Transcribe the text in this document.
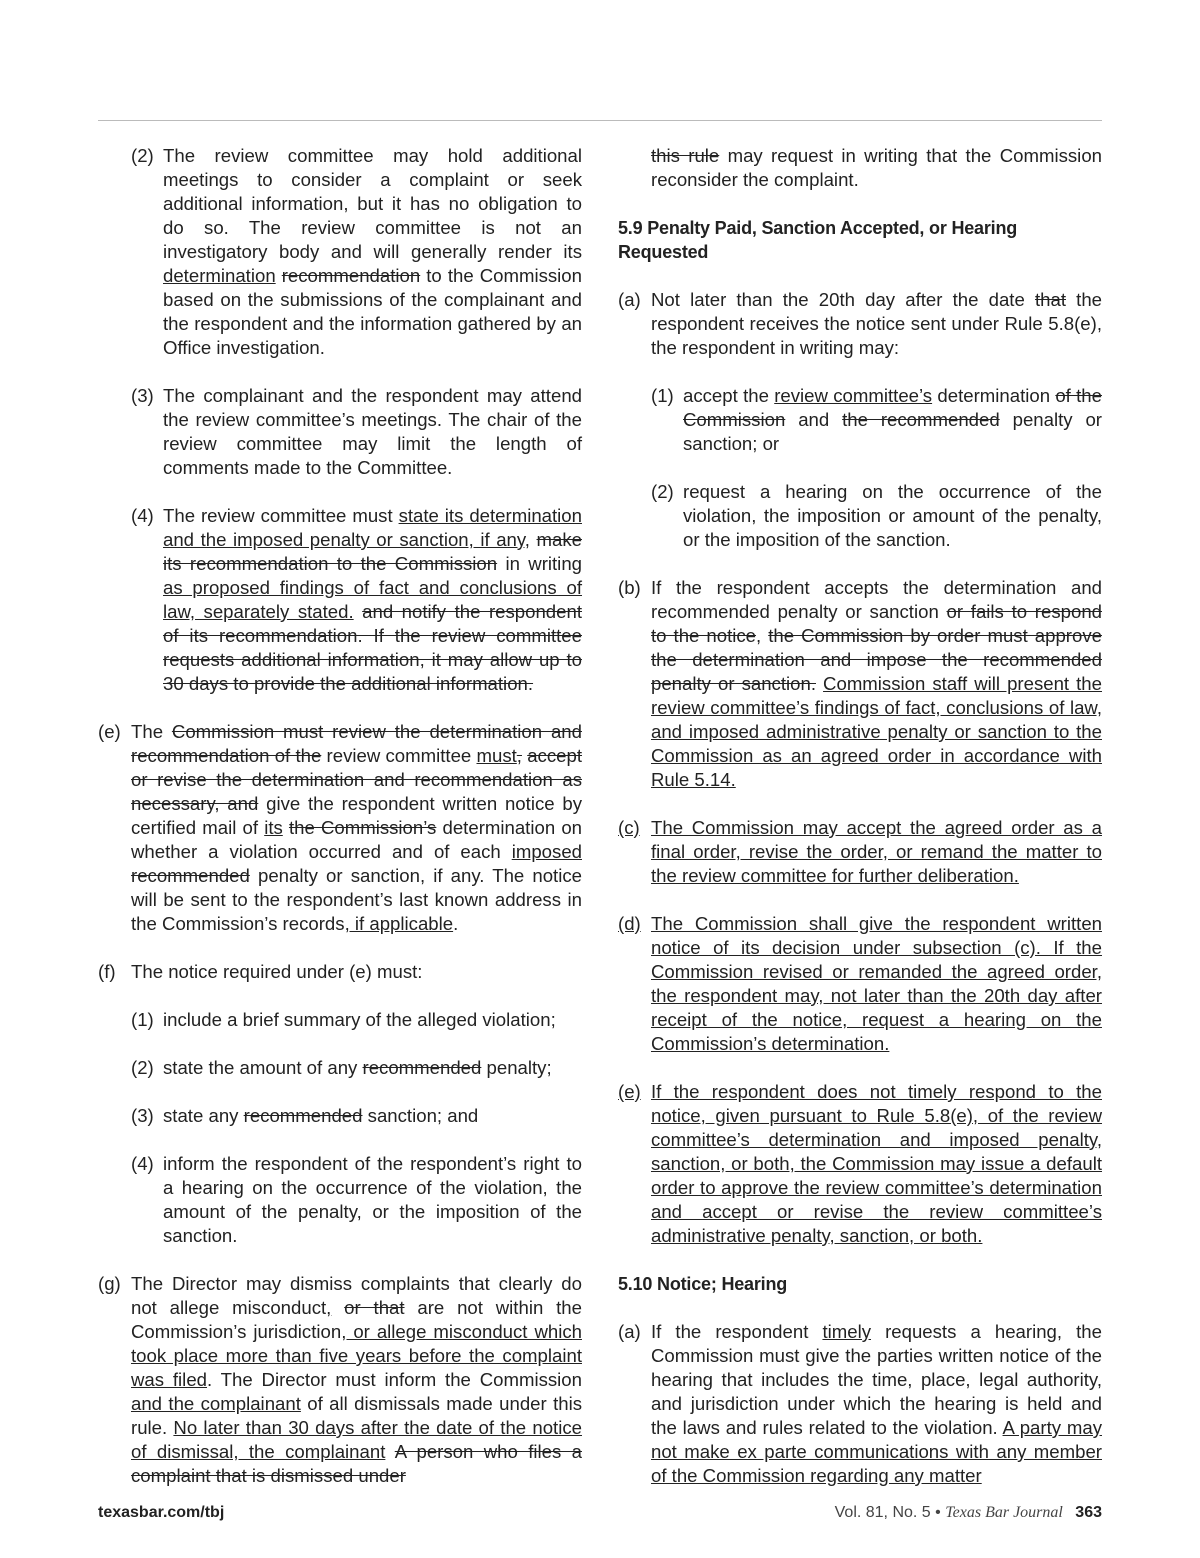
(2) The review committee may hold additional meetings to consider a complaint or seek additional information, but it has no obligation to do so. The review committee is not an investigatory body and will generally render its determination recommendation to the Commission based on the submissions of the complainant and the respondent and the information gathered by an Office investigation.
(3) The complainant and the respondent may attend the review committee’s meetings. The chair of the review committee may limit the length of comments made to the Committee.
(4) The review committee must state its determination and the imposed penalty or sanction, if any, make its recommendation to the Commission in writing as proposed findings of fact and conclusions of law, separately stated. and notify the respondent of its recommendation. If the review committee requests additional information, it may allow up to 30 days to provide the additional information.
(e) The Commission must review the determination and recommendation of the review committee must, accept or revise the determination and recommendation as necessary, and give the respondent written notice by certified mail of its the Commission’s determination on whether a violation occurred and of each imposed recommended penalty or sanction, if any. The notice will be sent to the respondent’s last known address in the Commission’s records, if applicable.
(f) The notice required under (e) must:
(1) include a brief summary of the alleged violation;
(2) state the amount of any recommended penalty;
(3) state any recommended sanction; and
(4) inform the respondent of the respondent’s right to a hearing on the occurrence of the violation, the amount of the penalty, or the imposition of the sanction.
(g) The Director may dismiss complaints that clearly do not allege misconduct, or that are not within the Commission’s jurisdiction, or allege misconduct which took place more than five years before the complaint was filed. The Director must inform the Commission and the complainant of all dismissals made under this rule. No later than 30 days after the date of the notice of dismissal, the complainant A person who files a complaint that is dismissed under
this rule may request in writing that the Commission reconsider the complaint.
5.9 Penalty Paid, Sanction Accepted, or Hearing Requested
(a) Not later than the 20th day after the date that the respondent receives the notice sent under Rule 5.8(e), the respondent in writing may:
(1) accept the review committee’s determination of the Commission and the recommended penalty or sanction; or
(2) request a hearing on the occurrence of the violation, the imposition or amount of the penalty, or the imposition of the sanction.
(b) If the respondent accepts the determination and recommended penalty or sanction or fails to respond to the notice, the Commission by order must approve the determination and impose the recommended penalty or sanction. Commission staff will present the review committee’s findings of fact, conclusions of law, and imposed administrative penalty or sanction to the Commission as an agreed order in accordance with Rule 5.14.
(c) The Commission may accept the agreed order as a final order, revise the order, or remand the matter to the review committee for further deliberation.
(d) The Commission shall give the respondent written notice of its decision under subsection (c). If the Commission revised or remanded the agreed order, the respondent may, not later than the 20th day after receipt of the notice, request a hearing on the Commission’s determination.
(e) If the respondent does not timely respond to the notice, given pursuant to Rule 5.8(e), of the review committee’s determination and imposed penalty, sanction, or both, the Commission may issue a default order to approve the review committee’s determination and accept or revise the review committee’s administrative penalty, sanction, or both.
5.10 Notice; Hearing
(a) If the respondent timely requests a hearing, the Commission must give the parties written notice of the hearing that includes the time, place, legal authority, and jurisdiction under which the hearing is held and the laws and rules related to the violation. A party may not make ex parte communications with any member of the Commission regarding any matter
texasbar.com/tbj	Vol. 81, No. 5 • Texas Bar Journal 363
